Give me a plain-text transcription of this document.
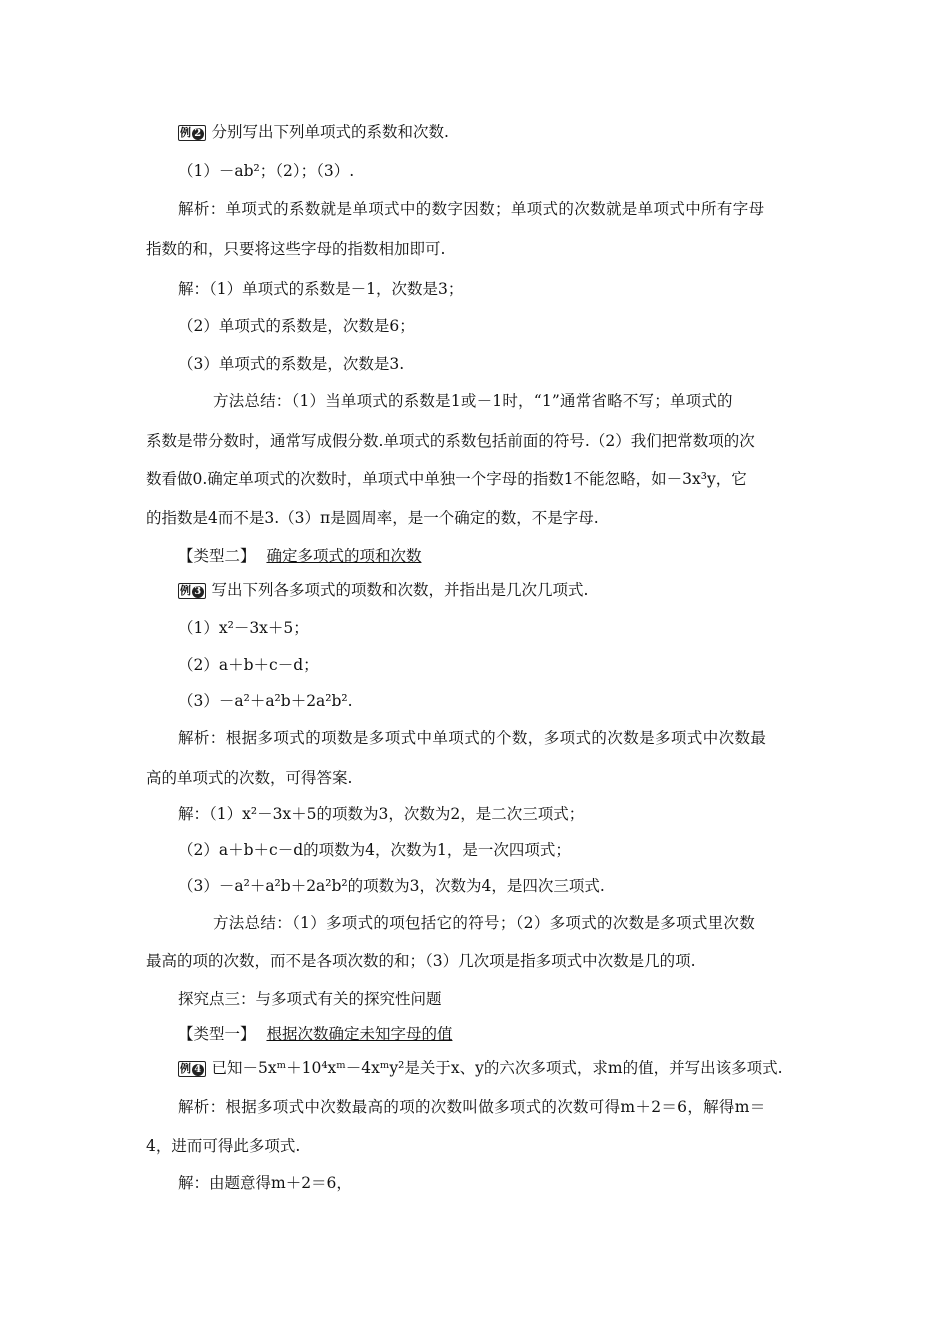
例 2 分别写出下列单项式的系数和次数.
（1）－ab²；（2）；（3）.
解析：单项式的系数就是单项式中的数字因数；单项式的次数就是单项式中所有字母
指数的和，只要将这些字母的指数相加即可.
解：（1）单项式的系数是－1，次数是3；
（2）单项式的系数是，次数是6；
（3）单项式的系数是，次数是3.
方法总结：（1）当单项式的系数是1或－1时，“1”通常省略不写；单项式的
系数是带分数时，通常写成假分数.单项式的系数包括前面的符号.（2）我们把常数项的次
数看做0.确定单项式的次数时，单项式中单独一个字母的指数1不能忽略，如－3x³y，它
的指数是4而不是3.（3）π是圆周率，是一个确定的数，不是字母.
【类型二】 确定多项式的项和次数
例 3 写出下列各多项式的项数和次数，并指出是几次几项式.
（1）x²－3x＋5；
（2）a＋b＋c－d；
（3）－a²＋a²b＋2a²b².
解析：根据多项式的项数是多项式中单项式的个数，多项式的次数是多项式中次数最
高的单项式的次数，可得答案.
解：（1）x²－3x＋5的项数为3，次数为2，是二次三项式；
（2）a＋b＋c－d的项数为4，次数为1，是一次四项式；
（3）－a²＋a²b＋2a²b²的项数为3，次数为4，是四次三项式.
方法总结：（1）多项式的项包括它的符号；（2）多项式的次数是多项式里次数
最高的项的次数，而不是各项次数的和；（3）几次项是指多项式中次数是几的项.
探究点三：与多项式有关的探究性问题
【类型一】 根据次数确定未知字母的值
例 4 已知－5xᵐ＋10⁴xᵐ－4xᵐy²是关于x、y的六次多项式，求m的值，并写出该多项式.
解析：根据多项式中次数最高的项的次数叫做多项式的次数可得m＋2＝6，解得m＝
4，进而可得此多项式.
解：由题意得m＋2＝6，
